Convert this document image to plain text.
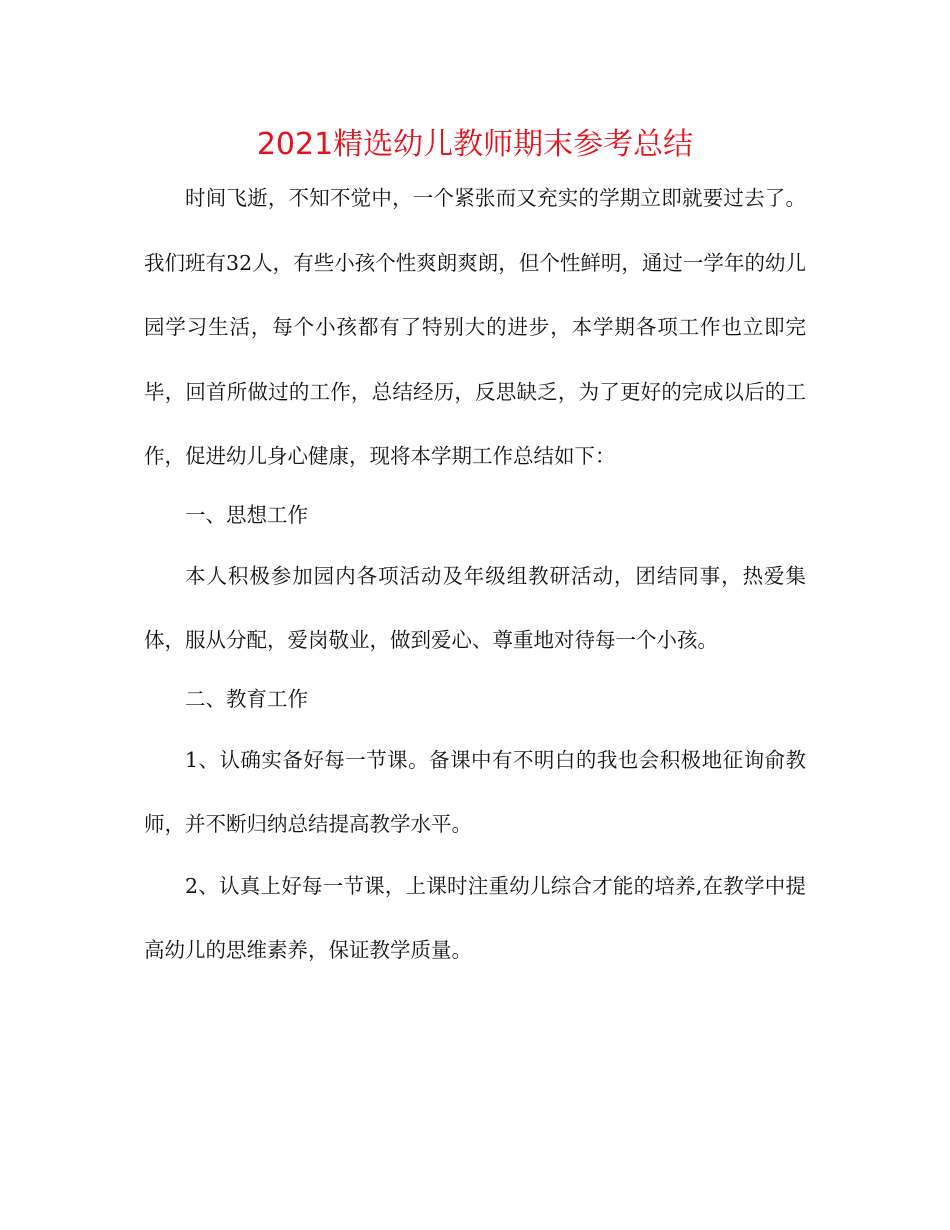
2021精选幼儿教师期末参考总结

时间飞逝，不知不觉中，一个紧张而又充实的学期立即就要过去了。我们班有32人，有些小孩个性爽朗爽朗，但个性鲜明，通过一学年的幼儿园学习生活，每个小孩都有了特别大的进步，本学期各项工作也立即完毕，回首所做过的工作，总结经历，反思缺乏，为了更好的完成以后的工作，促进幼儿身心健康，现将本学期工作总结如下：

一、思想工作

本人积极参加园内各项活动及年级组教研活动，团结同事，热爱集体，服从分配，爱岗敬业，做到爱心、尊重地对待每一个小孩。

二、教育工作

1、认确实备好每一节课。备课中有不明白的我也会积极地征询俞教师，并不断归纳总结提高教学水平。

2、认真上好每一节课，上课时注重幼儿综合才能的培养,在教学中提高幼儿的思维素养，保证教学质量。
